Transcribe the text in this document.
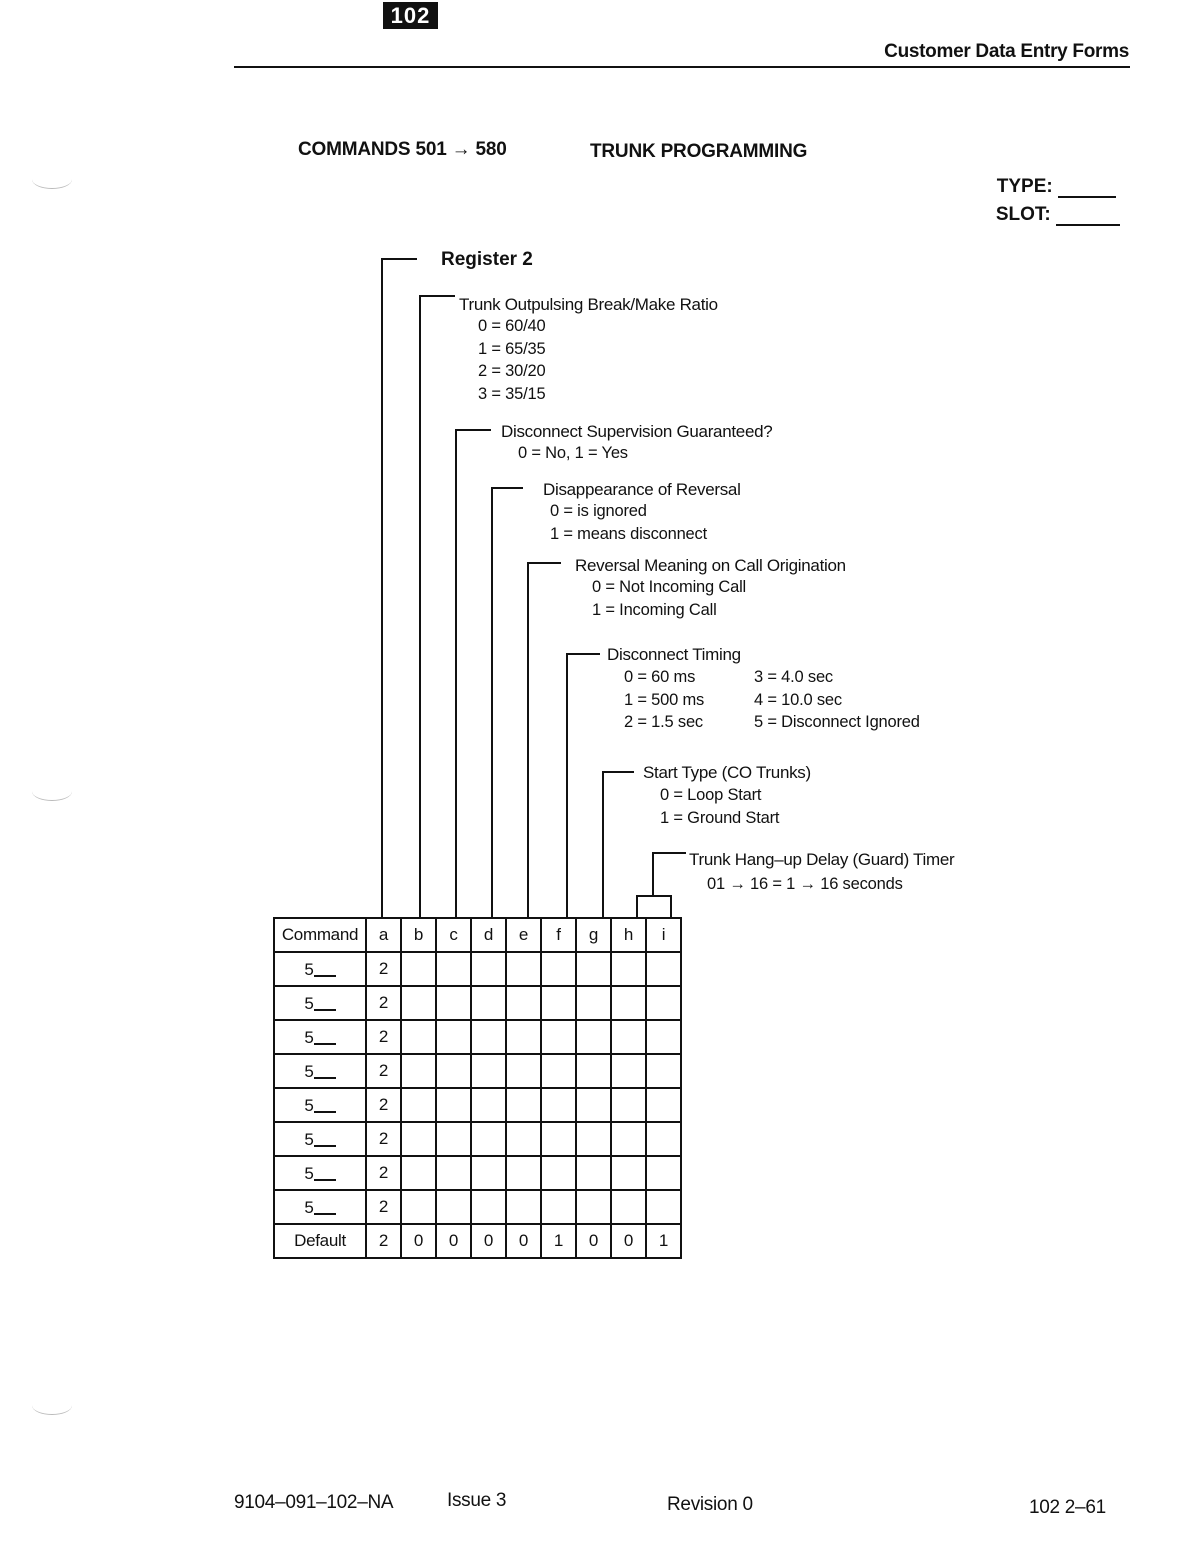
102
Customer Data Entry Forms
COMMANDS 501 → 580	TRUNK PROGRAMMING
TYPE:
SLOT:
Register 2
Trunk Outpulsing Break/Make Ratio
0 = 60/40
1 = 65/35
2 = 30/20
3 = 35/15
Disconnect Supervision Guaranteed?
0 = No, 1 = Yes
Disappearance of Reversal
0 = is ignored
1 = means disconnect
Reversal Meaning on Call Origination
0 = Not Incoming Call
1 = Incoming Call
Disconnect Timing
0 = 60 ms
1 = 500 ms
2 = 1.5 sec
3 = 4.0 sec
4 = 10.0 sec
5 = Disconnect Ignored
Start Type (CO Trunks)
0 = Loop Start
1 = Ground Start
Trunk Hang–up Delay (Guard) Timer
01 → 16 = 1 → 16 seconds
Command	a	b	c	d	e	f	g	h	i
5	2								
5	2								
5	2								
5	2								
5	2								
5	2								
5	2								
5	2								
Default	2	0	0	0	0	1	0	0	1
9104–091–102–NA	Issue 3	Revision 0	102 2–61
